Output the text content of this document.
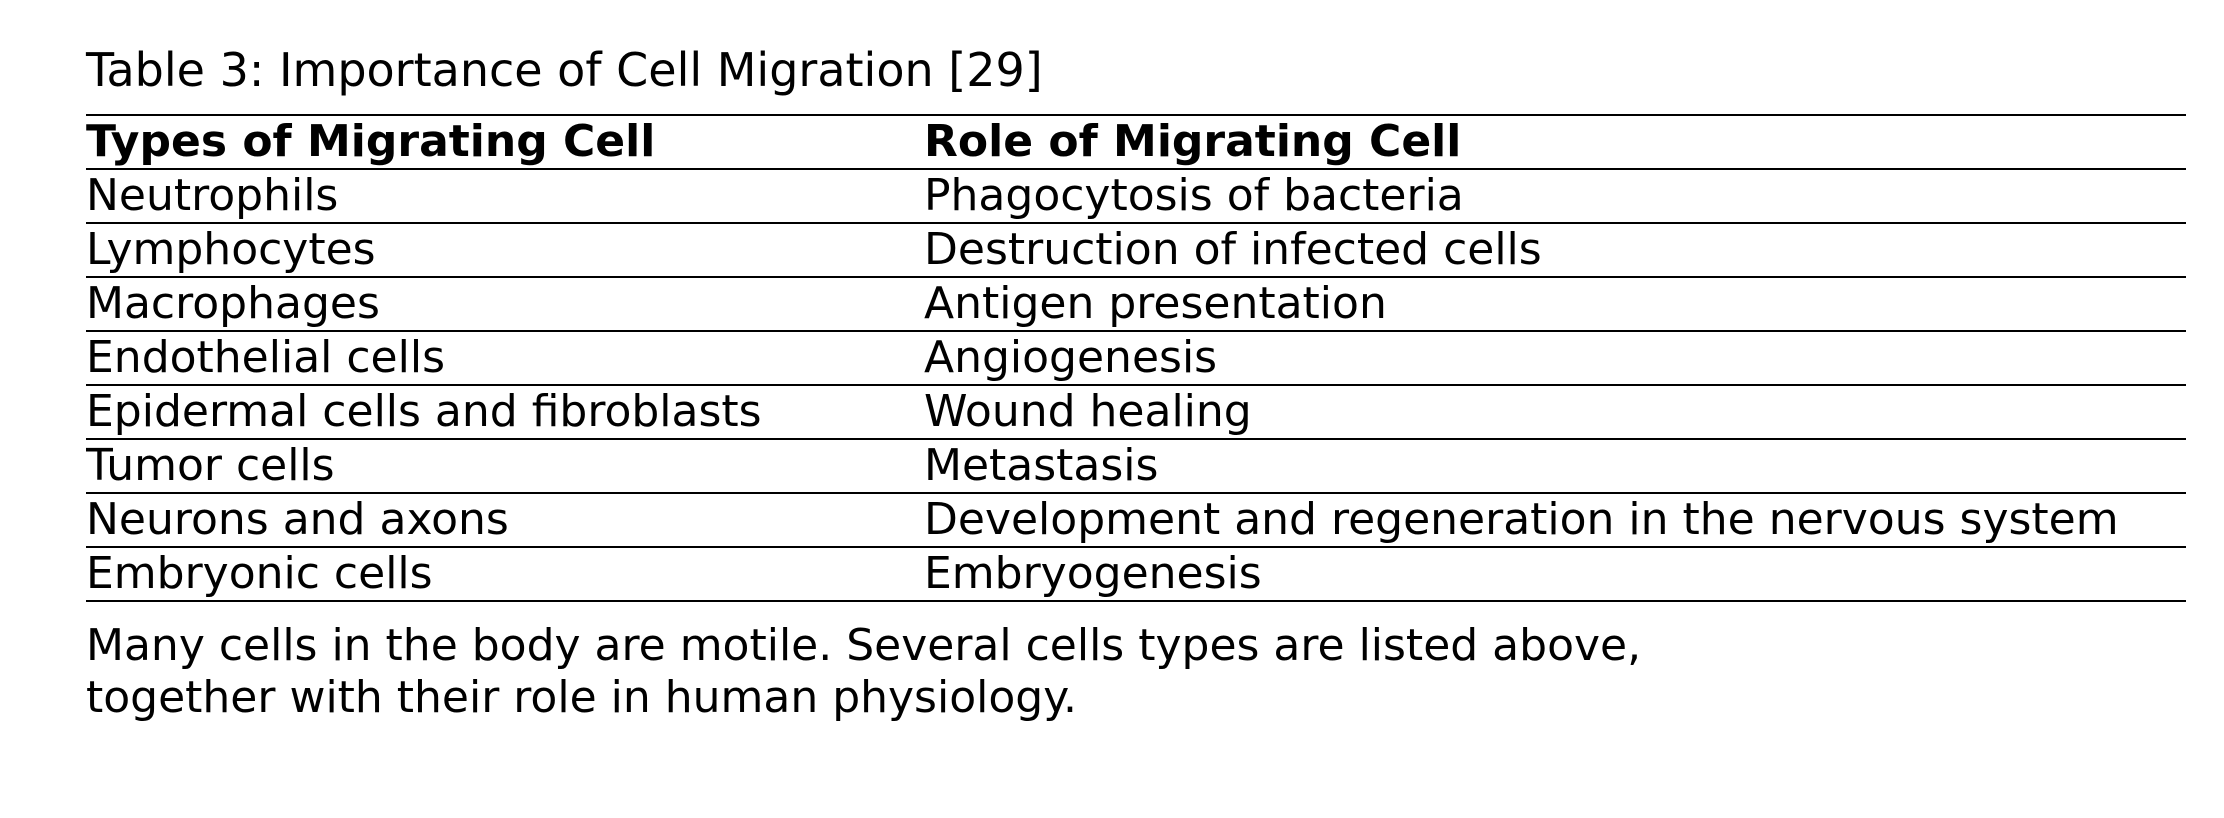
Table 3: Importance of Cell Migration [29]
Types of Migrating Cell	Role of Migrating Cell
Neutrophils	Phagocytosis of bacteria
Lymphocytes	Destruction of infected cells
Macrophages	Antigen presentation
Endothelial cells	Angiogenesis
Epidermal cells and fibroblasts	Wound healing
Tumor cells	Metastasis
Neurons and axons	Development and regeneration in the nervous system
Embryonic cells	Embryogenesis
Many cells in the body are motile. Several cells types are listed above,
together with their role in human physiology.
